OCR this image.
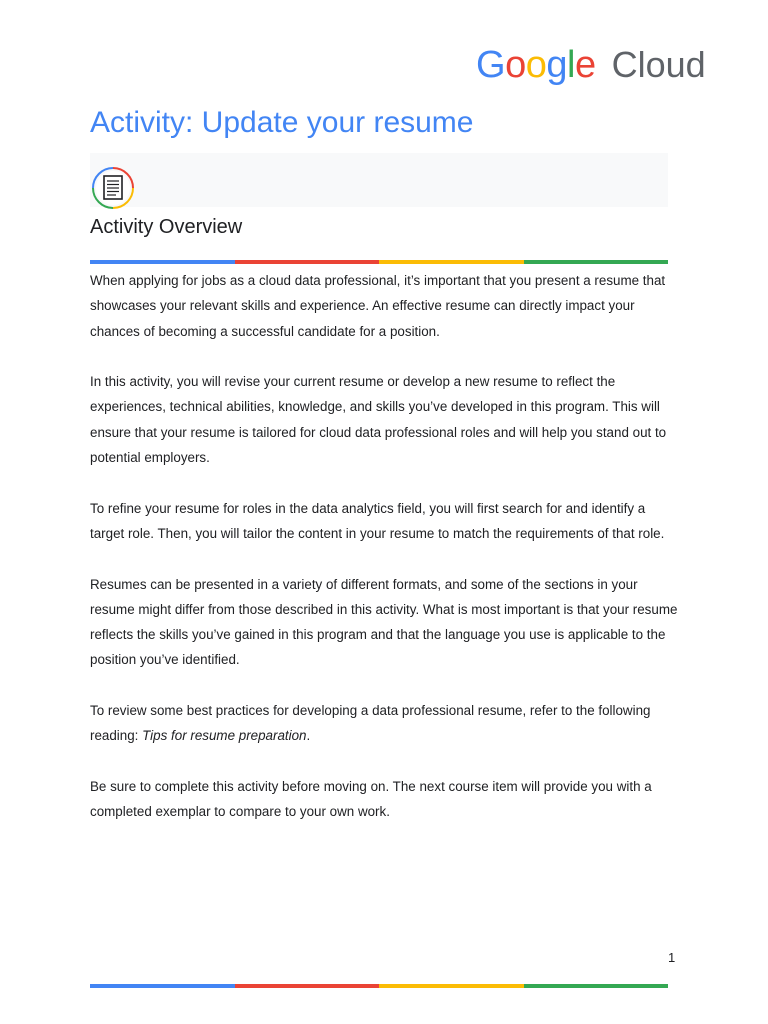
Google Cloud
Activity: Update your resume
Activity Overview

When applying for jobs as a cloud data professional, it’s important that you present a resume that showcases your relevant skills and experience. An effective resume can directly impact your chances of becoming a successful candidate for a position.

In this activity, you will revise your current resume or develop a new resume to reflect the experiences, technical abilities, knowledge, and skills you’ve developed in this program. This will ensure that your resume is tailored for cloud data professional roles and will help you stand out to potential employers.

To refine your resume for roles in the data analytics field, you will first search for and identify a target role. Then, you will tailor the content in your resume to match the requirements of that role.

Resumes can be presented in a variety of different formats, and some of the sections in your resume might differ from those described in this activity. What is most important is that your resume reflects the skills you’ve gained in this program and that the language you use is applicable to the position you’ve identified.

To review some best practices for developing a data professional resume, refer to the following reading: Tips for resume preparation.

Be sure to complete this activity before moving on. The next course item will provide you with a completed exemplar to compare to your own work.

1
